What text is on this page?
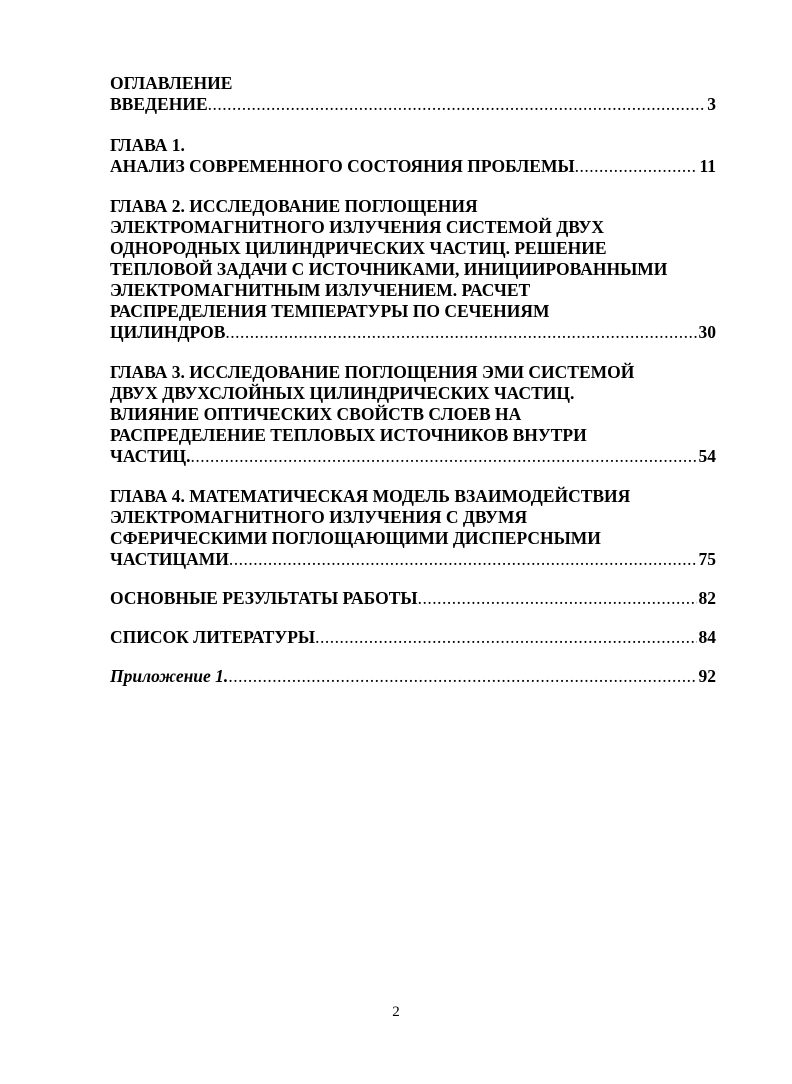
ОГЛАВЛЕНИЕ
ВВЕДЕНИЕ .....	3
ГЛАВА 1.
АНАЛИЗ СОВРЕМЕННОГО СОСТОЯНИЯ ПРОБЛЕМЫ .....	11
ГЛАВА 2. ИССЛЕДОВАНИЕ ПОГЛОЩЕНИЯ
ЭЛЕКТРОМАГНИТНОГО ИЗЛУЧЕНИЯ СИСТЕМОЙ ДВУХ
ОДНОРОДНЫХ ЦИЛИНДРИЧЕСКИХ ЧАСТИЦ. РЕШЕНИЕ
ТЕПЛОВОЙ ЗАДАЧИ С ИСТОЧНИКАМИ, ИНИЦИИРОВАННЫМИ
ЭЛЕКТРОМАГНИТНЫМ ИЗЛУЧЕНИЕМ. РАСЧЕТ
РАСПРЕДЕЛЕНИЯ ТЕМПЕРАТУРЫ ПО СЕЧЕНИЯМ
ЦИЛИНДРОВ .....	30
ГЛАВА 3. ИССЛЕДОВАНИЕ ПОГЛОЩЕНИЯ ЭМИ СИСТЕМОЙ
ДВУХ ДВУХСЛОЙНЫХ ЦИЛИНДРИЧЕСКИХ ЧАСТИЦ.
ВЛИЯНИЕ ОПТИЧЕСКИХ СВОЙСТВ СЛОЕВ НА
РАСПРЕДЕЛЕНИЕ ТЕПЛОВЫХ ИСТОЧНИКОВ ВНУТРИ
ЧАСТИЦ. .....	54
ГЛАВА 4. МАТЕМАТИЧЕСКАЯ МОДЕЛЬ ВЗАИМОДЕЙСТВИЯ
ЭЛЕКТРОМАГНИТНОГО ИЗЛУЧЕНИЯ С ДВУМЯ
СФЕРИЧЕСКИМИ ПОГЛОЩАЮЩИМИ ДИСПЕРСНЫМИ
ЧАСТИЦАМИ .....	75
ОСНОВНЫЕ РЕЗУЛЬТАТЫ РАБОТЫ .....	82
СПИСОК ЛИТЕРАТУРЫ .....	84
Приложение 1. .....	92
2
